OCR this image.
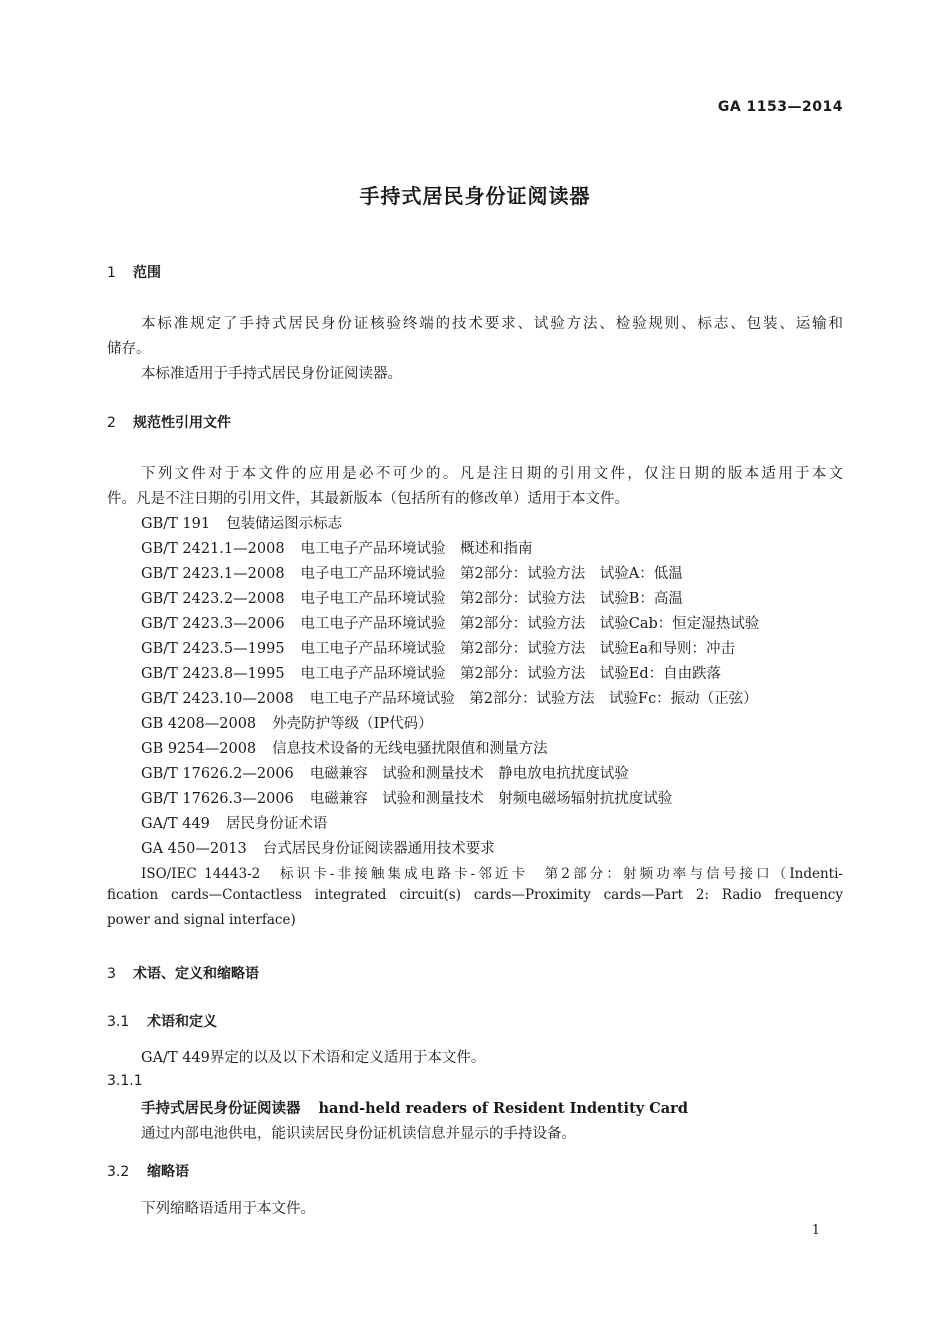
GA 1153—2014
手持式居民身份证阅读器
1 范围
本标准规定了手持式居民身份证核验终端的技术要求、试验方法、检验规则、标志、包装、运输和
储存。
本标准适用于手持式居民身份证阅读器。
2 规范性引用文件
下列文件对于本文件的应用是必不可少的。凡是注日期的引用文件，仅注日期的版本适用于本文
件。凡是不注日期的引用文件，其最新版本（包括所有的修改单）适用于本文件。
GB/T 191 包装储运图示标志
GB/T 2421.1—2008 电工电子产品环境试验　概述和指南
GB/T 2423.1—2008 电子电工产品环境试验　第2部分：试验方法　试验A：低温
GB/T 2423.2—2008 电子电工产品环境试验　第2部分：试验方法　试验B：高温
GB/T 2423.3—2006 电工电子产品环境试验　第2部分：试验方法　试验Cab：恒定湿热试验
GB/T 2423.5—1995 电工电子产品环境试验　第2部分：试验方法　试验Ea和导则：冲击
GB/T 2423.8—1995 电工电子产品环境试验　第2部分：试验方法　试验Ed：自由跌落
GB/T 2423.10—2008 电工电子产品环境试验　第2部分：试验方法　试验Fc：振动（正弦）
GB 4208—2008 外壳防护等级（IP代码）
GB 9254—2008 信息技术设备的无线电骚扰限值和测量方法
GB/T 17626.2—2006 电磁兼容　试验和测量技术　静电放电抗扰度试验
GB/T 17626.3—2006 电磁兼容　试验和测量技术　射频电磁场辐射抗扰度试验
GA/T 449 居民身份证术语
GA 450—2013 台式居民身份证阅读器通用技术要求
ISO/IEC 14443-2　标识卡-非接触集成电路卡-邻近卡　第2部分：射频功率与信号接口（Indenti-
fication cards—Contactless integrated circuit(s) cards—Proximity cards—Part 2: Radio frequency
power and signal interface)
3 术语、定义和缩略语
3.1 术语和定义
GA/T 449界定的以及以下术语和定义适用于本文件。
3.1.1
手持式居民身份证阅读器 hand-held readers of Resident Indentity Card
通过内部电池供电，能识读居民身份证机读信息并显示的手持设备。
3.2 缩略语
下列缩略语适用于本文件。
1
